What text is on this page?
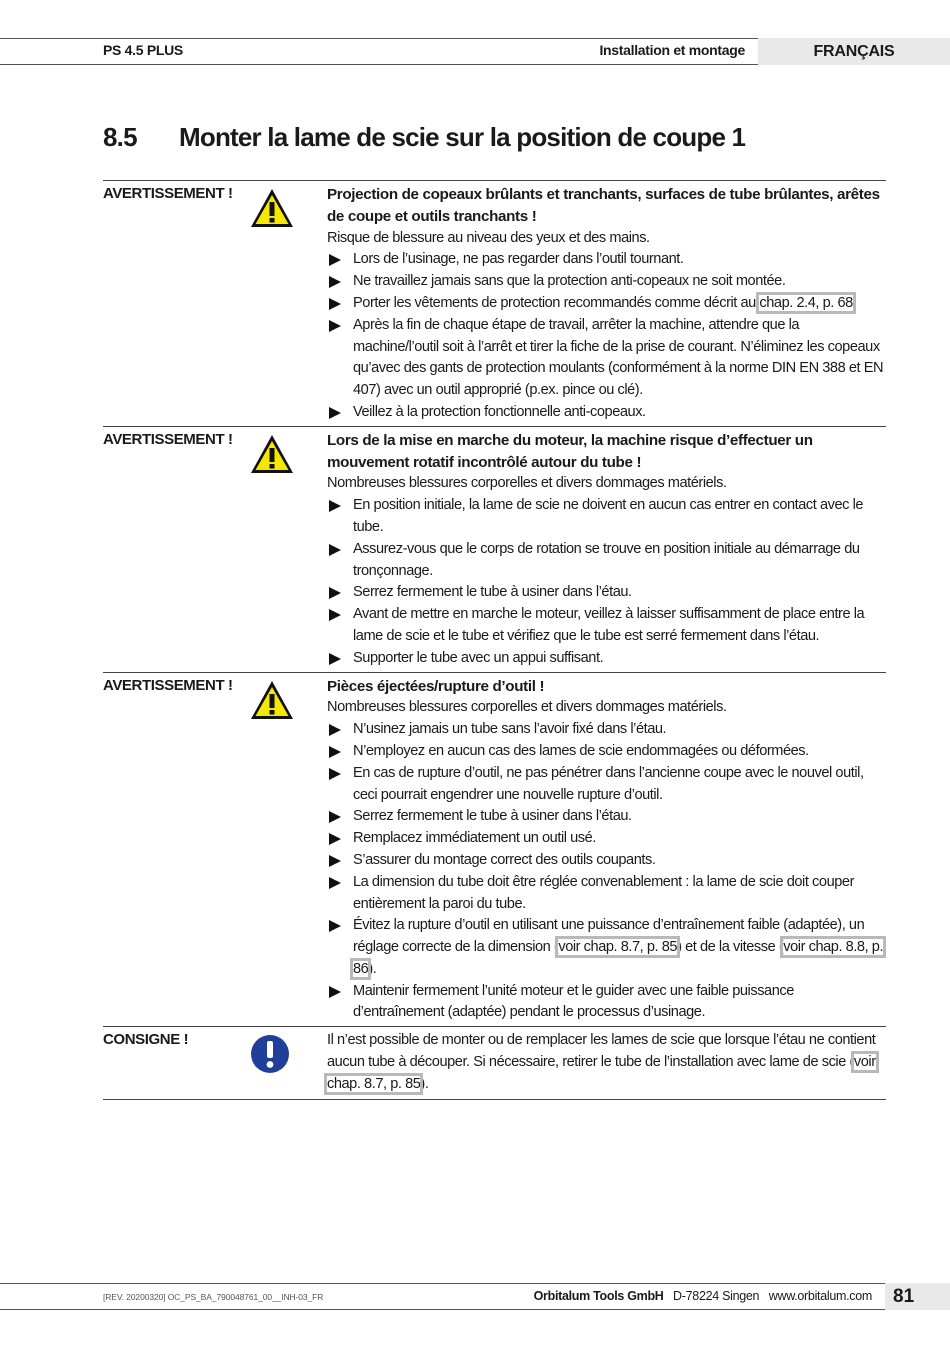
PS 4.5 PLUS	Installation et montage	FRANÇAIS
8.5 Monter la lame de scie sur la position de coupe 1
AVERTISSEMENT !	Projection de copeaux brûlants et tranchants, surfaces de tube brûlantes, arêtes de coupe et outils tranchants !
Risque de blessure au niveau des yeux et des mains.
Lors de l’usinage, ne pas regarder dans l’outil tournant.
Ne travaillez jamais sans que la protection anti-copeaux ne soit montée.
Porter les vêtements de protection recommandés comme décrit au chap. 2.4, p. 68
Après la fin de chaque étape de travail, arrêter la machine, attendre que la machine/l’outil soit à l’arrêt et tirer la fiche de la prise de courant. N’éliminez les copeaux qu’avec des gants de protection moulants (conformément à la norme DIN EN 388 et EN 407) avec un outil approprié (p.ex. pince ou clé).
Veillez à la protection fonctionnelle anti-copeaux.
AVERTISSEMENT !	Lors de la mise en marche du moteur, la machine risque d’effectuer un mouvement rotatif incontrôlé autour du tube !
Nombreuses blessures corporelles et divers dommages matériels.
En position initiale, la lame de scie ne doivent en aucun cas entrer en contact avec le tube.
Assurez-vous que le corps de rotation se trouve en position initiale au démarrage du tronçonnage.
Serrez fermement le tube à usiner dans l’étau.
Avant de mettre en marche le moteur, veillez à laisser suffisamment de place entre la lame de scie et le tube et vérifiez que le tube est serré fermement dans l’étau.
Supporter le tube avec un appui suffisant.
AVERTISSEMENT !	Pièces éjectées/rupture d’outil !
Nombreuses blessures corporelles et divers dommages matériels.
N’usinez jamais un tube sans l’avoir fixé dans l’étau.
N’employez en aucun cas des lames de scie endommagées ou déformées.
En cas de rupture d’outil, ne pas pénétrer dans l’ancienne coupe avec le nouvel outil, ceci pourrait engendrer une nouvelle rupture d’outil.
Serrez fermement le tube à usiner dans l’étau.
Remplacez immédiatement un outil usé.
S’assurer du montage correct des outils coupants.
La dimension du tube doit être réglée convenablement : la lame de scie doit couper entièrement la paroi du tube.
Évitez la rupture d’outil en utilisant une puissance d’entraînement faible (adaptée), un réglage correcte de la dimension (voir chap. 8.7, p. 85) et de la vitesse (voir chap. 8.8, p. 86).
Maintenir fermement l’unité moteur et le guider avec une faible puissance d’entraînement (adaptée) pendant le processus d’usinage.
CONSIGNE !	Il n’est possible de monter ou de remplacer les lames de scie que lorsque l’étau ne contient aucun tube à découper. Si nécessaire, retirer le tube de l’installation avec lame de scie (voir chap. 8.7, p. 85).
[REV. 20200320] OC_PS_BA_790048761_00__INH-03_FR	Orbitalum Tools GmbH D-78224 Singen www.orbitalum.com	81
